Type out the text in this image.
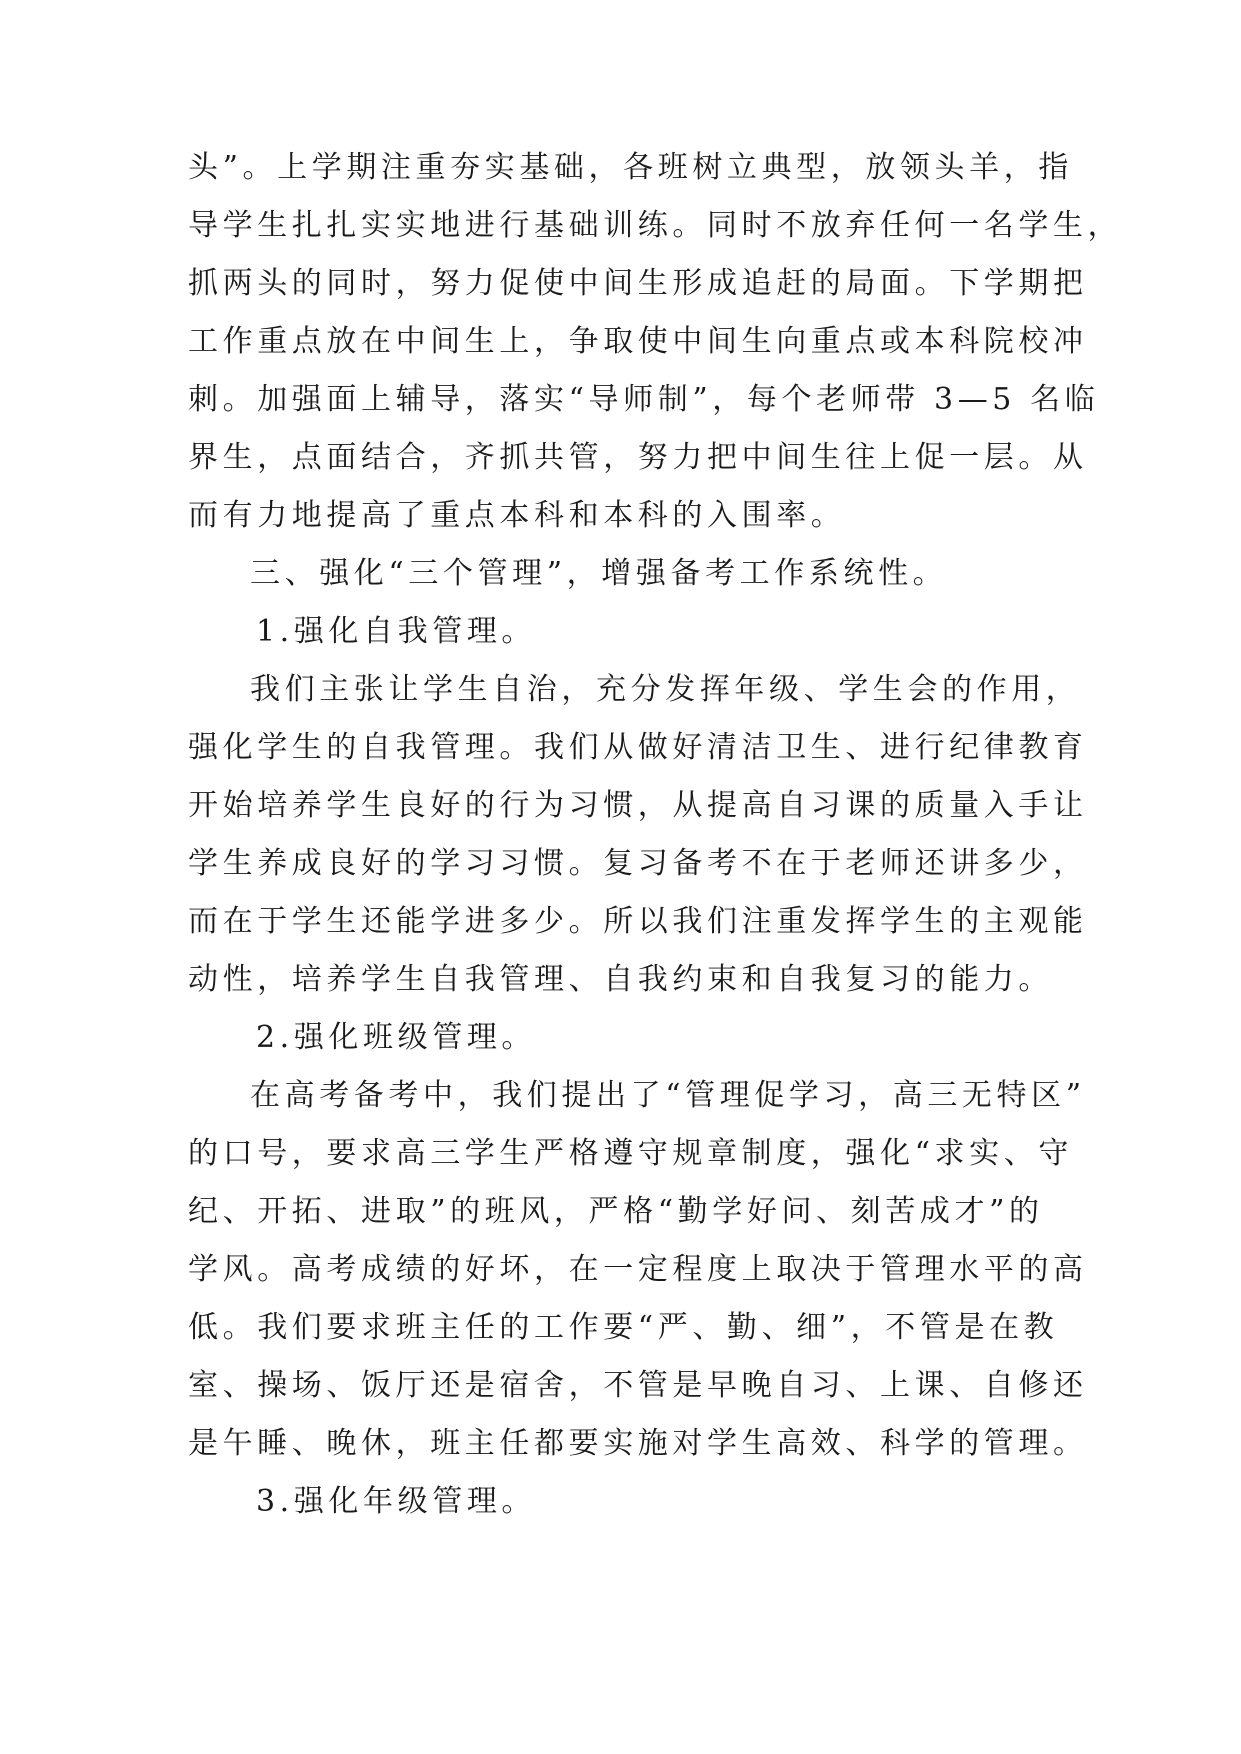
头”。上学期注重夯实基础，各班树立典型，放领头羊，指

导学生扎扎实实地进行基础训练。同时不放弃任何一名学生，

抓两头的同时，努力促使中间生形成追赶的局面。下学期把

工作重点放在中间生上，争取使中间生向重点或本科院校冲

刺。加强面上辅导，落实“导师制”，每个老师带 3—5 名临

界生，点面结合，齐抓共管，努力把中间生往上促一层。从

而有力地提高了重点本科和本科的入围率。

三、强化“三个管理”，增强备考工作系统性。

1.强化自我管理。

我们主张让学生自治，充分发挥年级、学生会的作用，

强化学生的自我管理。我们从做好清洁卫生、进行纪律教育

开始培养学生良好的行为习惯，从提高自习课的质量入手让

学生养成良好的学习习惯。复习备考不在于老师还讲多少，

而在于学生还能学进多少。所以我们注重发挥学生的主观能

动性，培养学生自我管理、自我约束和自我复习的能力。

2.强化班级管理。

在高考备考中，我们提出了“管理促学习，高三无特区”

的口号，要求高三学生严格遵守规章制度，强化“求实、守

纪、开拓、进取”的班风，严格“勤学好问、刻苦成才”的

学风。高考成绩的好坏，在一定程度上取决于管理水平的高

低。我们要求班主任的工作要“严、勤、细”，不管是在教

室、操场、饭厅还是宿舍，不管是早晚自习、上课、自修还

是午睡、晚休，班主任都要实施对学生高效、科学的管理。

3.强化年级管理。
